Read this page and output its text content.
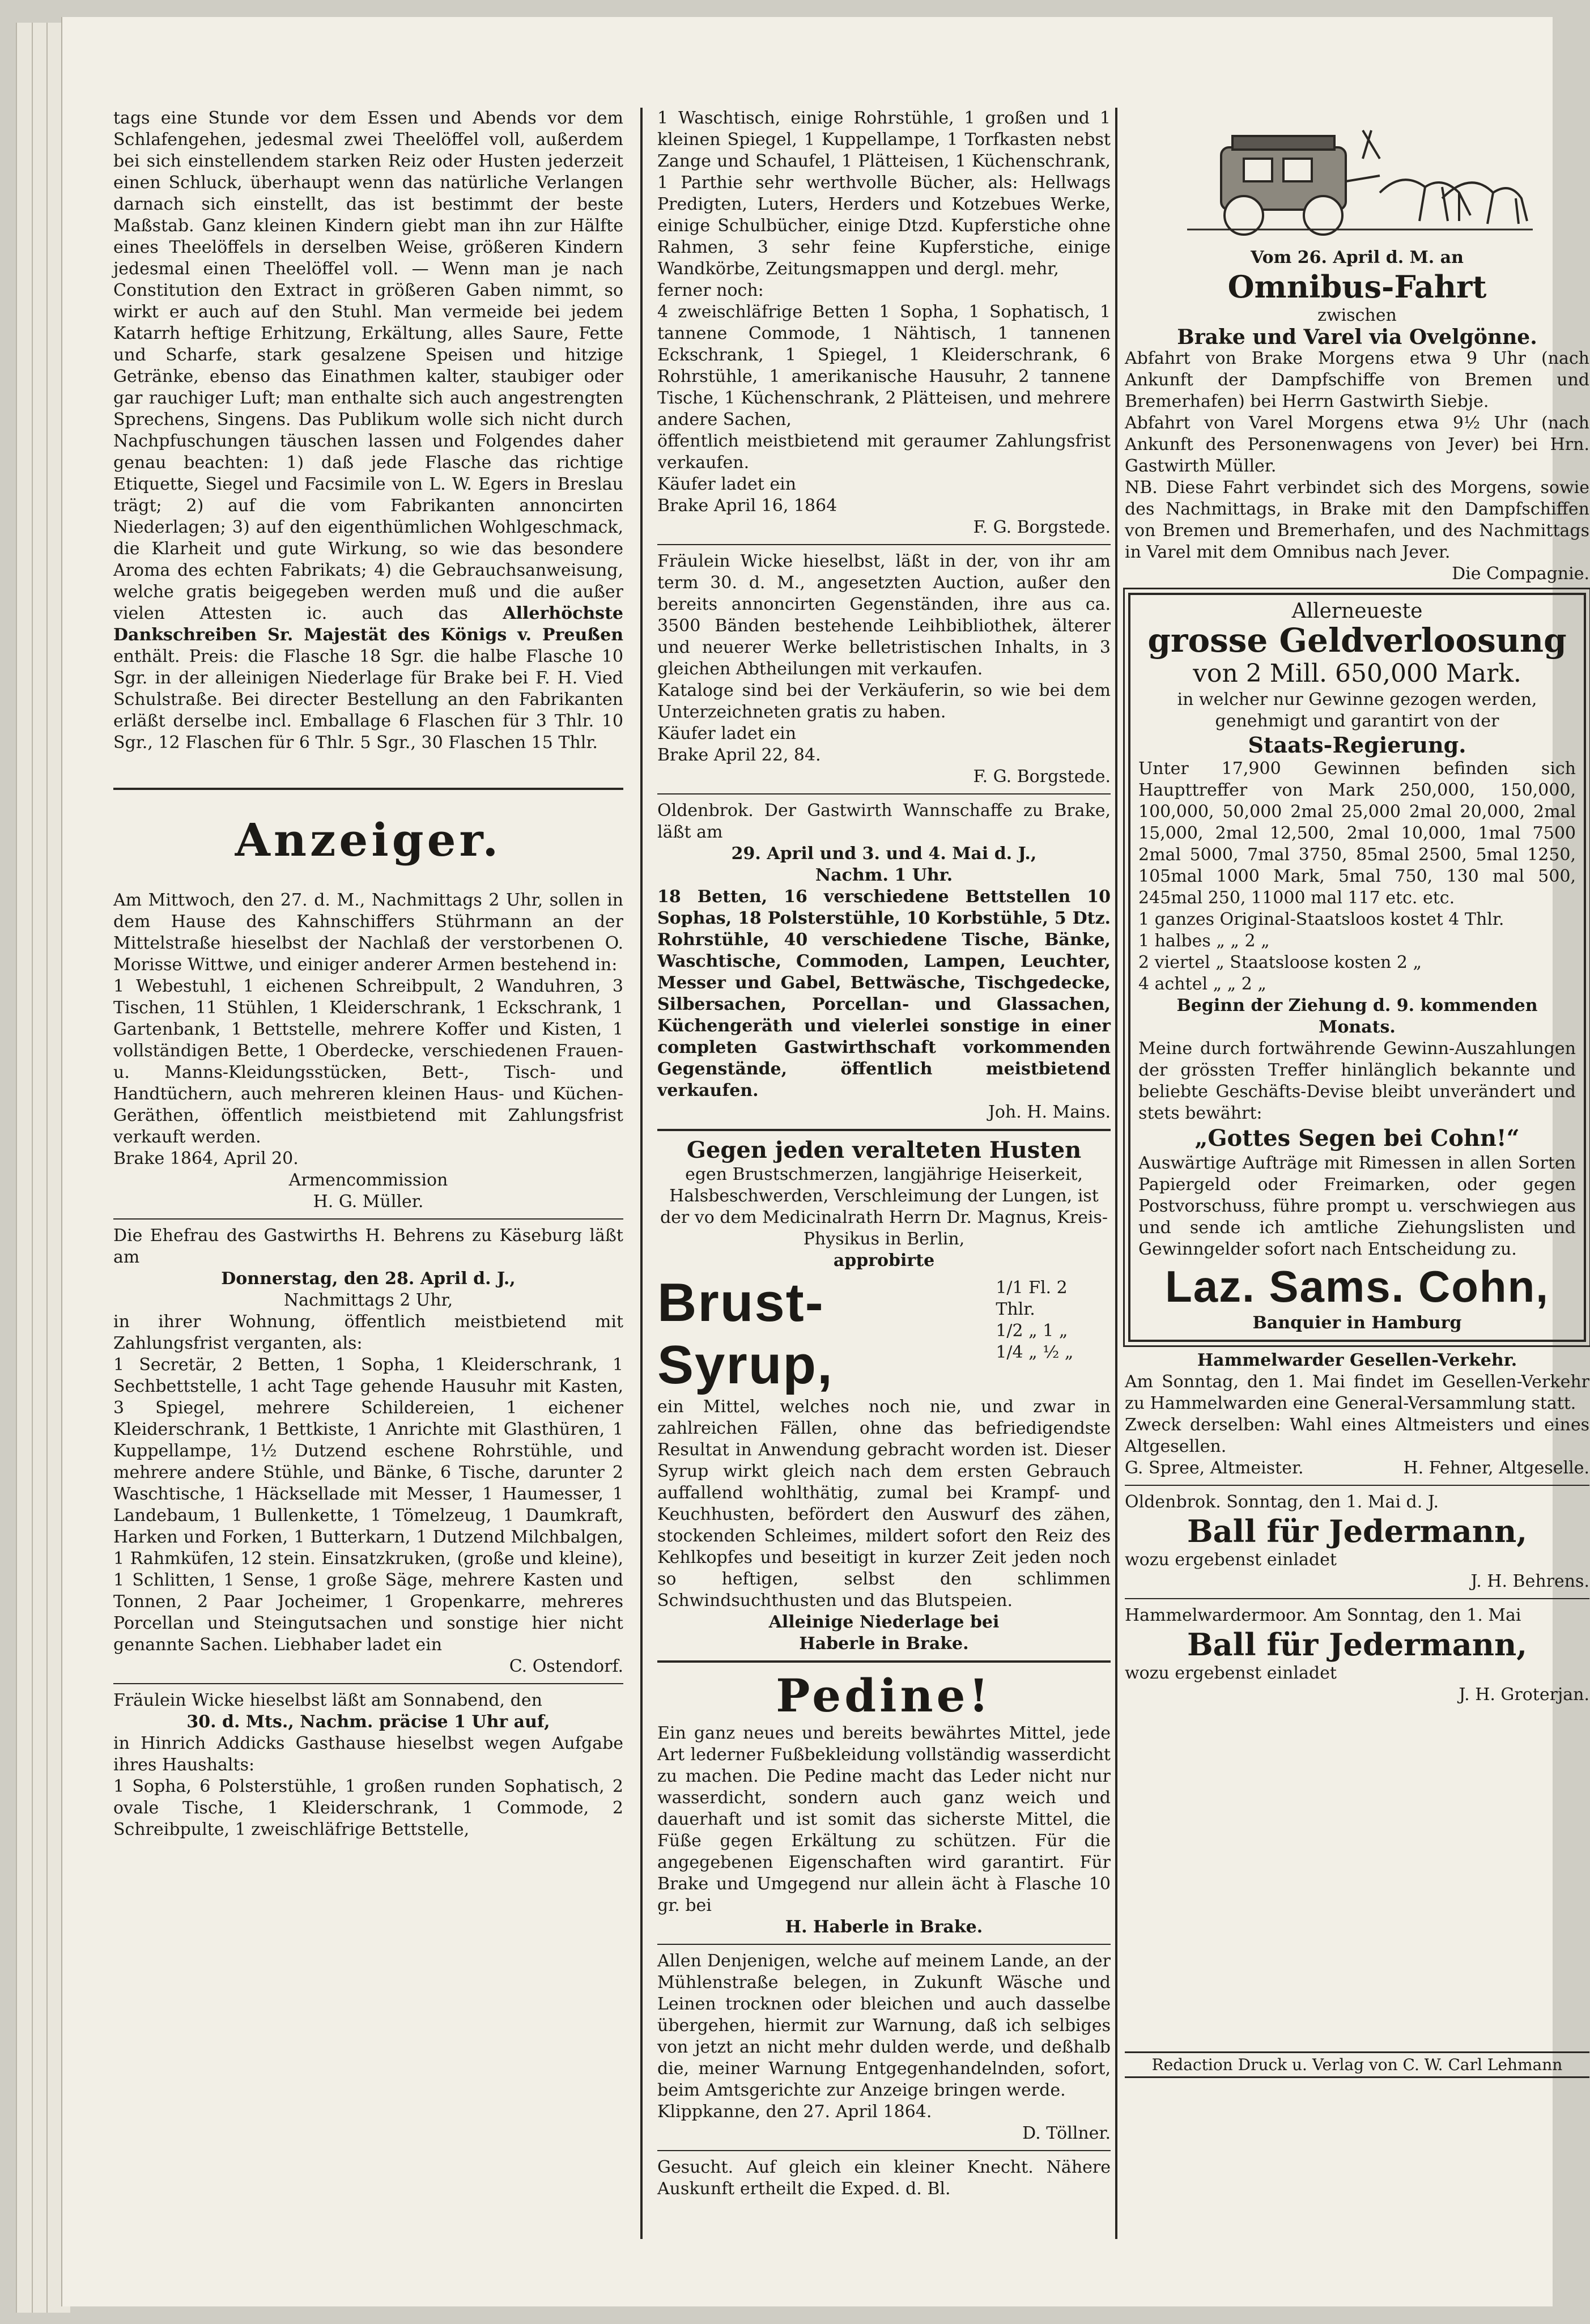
tags eine Stunde vor dem Essen und Abends vor dem Schlafengehen, jedesmal zwei Theelöffel voll, außerdem bei sich einstellendem starken Reiz oder Husten jederzeit einen Schluck, überhaupt wenn das natürliche Verlangen darnach sich einstellt, das ist bestimmt der beste Maßstab. Ganz kleinen Kindern giebt man ihn zur Hälfte eines Theelöffels in derselben Weise, größeren Kindern jedesmal einen Theelöffel voll. — Wenn man je nach Constitution den Extract in größeren Gaben nimmt, so wirkt er auch auf den Stuhl. Man vermeide bei jedem Katarrh heftige Erhitzung, Erkältung, alles Saure, Fette und Scharfe, stark gesalzene Speisen und hitzige Getränke, ebenso das Einathmen kalter, staubiger oder gar rauchiger Luft; man enthalte sich auch angestrengten Sprechens, Singens. Das Publikum wolle sich nicht durch Nachpfuschungen täuschen lassen und Folgendes daher genau beachten: 1) daß jede Flasche das richtige Etiquette, Siegel und Facsimile von L. W. Egers in Breslau trägt; 2) auf die vom Fabrikanten annoncirten Niederlagen; 3) auf den eigenthümlichen Wohlgeschmack, die Klarheit und gute Wirkung, so wie das besondere Aroma des echten Fabrikats; 4) die Gebrauchsanweisung, welche gratis beigegeben werden muß und die außer vielen Attesten ic. auch das Allerhöchste Dankschreiben Sr. Majestät des Königs v. Preußen enthält. Preis: die Flasche 18 Sgr. die halbe Flasche 10 Sgr. in der alleinigen Niederlage für Brake bei F. H. Vied Schulstraße. Bei directer Bestellung an den Fabrikanten erläßt derselbe incl. Emballage 6 Flaschen für 3 Thlr. 10 Sgr., 12 Flaschen für 6 Thlr. 5 Sgr., 30 Flaschen 15 Thlr.

Anzeiger.

Am Mittwoch, den 27. d. M., Nachmittags 2 Uhr, sollen in dem Hause des Kahnschiffers Stührmann an der Mittelstraße hieselbst der Nachlaß der verstorbenen O. Morisse Wittwe, und einiger anderer Armen bestehend in:

1 Webestuhl, 1 eichenen Schreibpult, 2 Wanduhren, 3 Tischen, 11 Stühlen, 1 Kleiderschrank, 1 Eckschrank, 1 Gartenbank, 1 Bettstelle, mehrere Koffer und Kisten, 1 vollständigen Bette, 1 Oberdecke, verschiedenen Frauen- u. Manns-Kleidungsstücken, Bett-, Tisch- und Handtüchern, auch mehreren kleinen Haus- und Küchen-Geräthen, öffentlich meistbietend mit Zahlungsfrist verkauft werden.

Brake 1864, April 20.

Armencommission

H. G. Müller.

Die Ehefrau des Gastwirths H. Behrens zu Käseburg läßt am

Donnerstag, den 28. April d. J.,

Nachmittags 2 Uhr,

in ihrer Wohnung, öffentlich meistbietend mit Zahlungsfrist verganten, als:

1 Secretär, 2 Betten, 1 Sopha, 1 Kleiderschrank, 1 Sechbettstelle, 1 acht Tage gehende Hausuhr mit Kasten, 3 Spiegel, mehrere Schildereien, 1 eichener Kleiderschrank, 1 Bettkiste, 1 Anrichte mit Glasthüren, 1 Kuppellampe, 1½ Dutzend eschene Rohrstühle, und mehrere andere Stühle, und Bänke, 6 Tische, darunter 2 Waschtische, 1 Häcksellade mit Messer, 1 Haumesser, 1 Landebaum, 1 Bullenkette, 1 Tömelzeug, 1 Daumkraft, Harken und Forken, 1 Butterkarn, 1 Dutzend Milchbalgen, 1 Rahmküfen, 12 stein. Einsatzkruken, (große und kleine), 1 Schlitten, 1 Sense, 1 große Säge, mehrere Kasten und Tonnen, 2 Paar Jocheimer, 1 Gropenkarre, mehreres Porcellan und Steingutsachen und sonstige hier nicht genannte Sachen. Liebhaber ladet ein

C. Ostendorf.

Fräulein Wicke hieselbst läßt am Sonnabend, den

30. d. Mts., Nachm. präcise 1 Uhr auf,

in Hinrich Addicks Gasthause hieselbst wegen Aufgabe ihres Haushalts:

1 Sopha, 6 Polsterstühle, 1 großen runden Sophatisch, 2 ovale Tische, 1 Kleiderschrank, 1 Commode, 2 Schreibpulte, 1 zweischläfrige Bettstelle,

1 Waschtisch, einige Rohrstühle, 1 großen und 1 kleinen Spiegel, 1 Kuppellampe, 1 Torfkasten nebst Zange und Schaufel, 1 Plätteisen, 1 Küchenschrank, 1 Parthie sehr werthvolle Bücher, als: Hellwags Predigten, Luters, Herders und Kotzebues Werke, einige Schulbücher, einige Dtzd. Kupferstiche ohne Rahmen, 3 sehr feine Kupferstiche, einige Wandkörbe, Zeitungsmappen und dergl. mehr,

ferner noch:

4 zweischläfrige Betten 1 Sopha, 1 Sophatisch, 1 tannene Commode, 1 Nähtisch, 1 tannenen Eckschrank, 1 Spiegel, 1 Kleiderschrank, 6 Rohrstühle, 1 amerikanische Hausuhr, 2 tannene Tische, 1 Küchenschrank, 2 Plätteisen, und mehrere andere Sachen,

öffentlich meistbietend mit geraumer Zahlungsfrist verkaufen.

Käufer ladet ein

Brake April 16, 1864

F. G. Borgstede.

Fräulein Wicke hieselbst, läßt in der, von ihr am term 30. d. M., angesetzten Auction, außer den bereits annoncirten Gegenständen, ihre aus ca. 3500 Bänden bestehende Leihbibliothek, älterer und neuerer Werke belletristischen Inhalts, in 3 gleichen Abtheilungen mit verkaufen.

Kataloge sind bei der Verkäuferin, so wie bei dem Unterzeichneten gratis zu haben.

Käufer ladet ein

Brake April 22, 84.

F. G. Borgstede.

Oldenbrok. Der Gastwirth Wannschaffe zu Brake, läßt am

29. April und 3. und 4. Mai d. J.,

Nachm. 1 Uhr.

18 Betten, 16 verschiedene Bettstellen 10 Sophas, 18 Polsterstühle, 10 Korbstühle, 5 Dtz. Rohrstühle, 40 verschiedene Tische, Bänke, Waschtische, Commoden, Lampen, Leuchter, Messer und Gabel, Bettwäsche, Tischgedecke, Silbersachen, Porcellan- und Glassachen, Küchengeräth und vielerlei sonstige in einer completen Gastwirthschaft vorkommenden Gegenstände, öffentlich meistbietend verkaufen.

Joh. H. Mains.

Gegen jeden veralteten Husten

egen Brustschmerzen, langjährige Heiserkeit, Halsbeschwerden, Verschleimung der Lungen, ist der vo dem Medicinalrath Herrn Dr. Magnus, Kreis-Physikus in Berlin,

approbirte

Brust-Syrup,
1/1 Fl. 2 Thlr.
1/2 „ 1 „
1/4 „ ½ „

ein Mittel, welches noch nie, und zwar in zahlreichen Fällen, ohne das befriedigendste Resultat in Anwendung gebracht worden ist. Dieser Syrup wirkt gleich nach dem ersten Gebrauch auffallend wohlthätig, zumal bei Krampf- und Keuchhusten, befördert den Auswurf des zähen, stockenden Schleimes, mildert sofort den Reiz des Kehlkopfes und beseitigt in kurzer Zeit jeden noch so heftigen, selbst den schlimmen Schwindsuchthusten und das Blutspeien.

Alleinige Niederlage bei

Haberle in Brake.

Pedine!

Ein ganz neues und bereits bewährtes Mittel, jede Art lederner Fußbekleidung vollständig wasserdicht zu machen. Die Pedine macht das Leder nicht nur wasserdicht, sondern auch ganz weich und dauerhaft und ist somit das sicherste Mittel, die Füße gegen Erkältung zu schützen. Für die angegebenen Eigenschaften wird garantirt. Für Brake und Umgegend nur allein ächt à Flasche 10 gr. bei

H. Haberle in Brake.

Allen Denjenigen, welche auf meinem Lande, an der Mühlenstraße belegen, in Zukunft Wäsche und Leinen trocknen oder bleichen und auch dasselbe übergehen, hiermit zur Warnung, daß ich selbiges von jetzt an nicht mehr dulden werde, und deßhalb die, meiner Warnung Entgegenhandelnden, sofort, beim Amtsgerichte zur Anzeige bringen werde.

Klippkanne, den 27. April 1864.

D. Töllner.

Gesucht. Auf gleich ein kleiner Knecht. Nähere Auskunft ertheilt die Exped. d. Bl.

Vom 26. April d. M. an

Omnibus-Fahrt

zwischen

Brake und Varel via Ovelgönne.

Abfahrt von Brake Morgens etwa 9 Uhr (nach Ankunft der Dampfschiffe von Bremen und Bremerhafen) bei Herrn Gastwirth Siebje.

Abfahrt von Varel Morgens etwa 9½ Uhr (nach Ankunft des Personenwagens von Jever) bei Hrn. Gastwirth Müller.

NB. Diese Fahrt verbindet sich des Morgens, sowie des Nachmittags, in Brake mit den Dampfschiffen von Bremen und Bremerhafen, und des Nachmittags in Varel mit dem Omnibus nach Jever.

Die Compagnie.

Allerneueste

grosse Geldverloosung

von 2 Mill. 650,000 Mark.

in welcher nur Gewinne gezogen werden, genehmigt und garantirt von der

Staats-Regierung.

Unter 17,900 Gewinnen befinden sich Haupttreffer von Mark 250,000, 150,000, 100,000, 50,000 2mal 25,000 2mal 20,000, 2mal 15,000, 2mal 12,500, 2mal 10,000, 1mal 7500 2mal 5000, 7mal 3750, 85mal 2500, 5mal 1250, 105mal 1000 Mark, 5mal 750, 130 mal 500, 245mal 250, 11000 mal 117 etc. etc.

1 ganzes Original-Staatsloos kostet 4 Thlr.

1 halbes „ „ 2 „

2 viertel „ Staatsloose kosten 2 „

4 achtel „ „ 2 „

Beginn der Ziehung d. 9. kommenden Monats.

Meine durch fortwährende Gewinn-Auszahlungen der grössten Treffer hinlänglich bekannte und beliebte Geschäfts-Devise bleibt unverändert und stets bewährt:

„Gottes Segen bei Cohn!“

Auswärtige Aufträge mit Rimessen in allen Sorten Papiergeld oder Freimarken, oder gegen Postvorschuss, führe prompt u. verschwiegen aus und sende ich amtliche Ziehungslisten und Gewinngelder sofort nach Entscheidung zu.

Laz. Sams. Cohn,

Banquier in Hamburg

Hammelwarder Gesellen-Verkehr.

Am Sonntag, den 1. Mai findet im Gesellen-Verkehr zu Hammelwarden eine General-Versammlung statt.

Zweck derselben: Wahl eines Altmeisters und eines Altgesellen.

G. Spree, Altmeister.	H. Fehner, Altgeselle.

Oldenbrok. Sonntag, den 1. Mai d. J.

Ball für Jedermann,

wozu ergebenst einladet

J. H. Behrens.

Hammelwardermoor. Am Sonntag, den 1. Mai

Ball für Jedermann,

wozu ergebenst einladet

J. H. Groterjan.

Redaction Druck u. Verlag von C. W. Carl Lehmann
